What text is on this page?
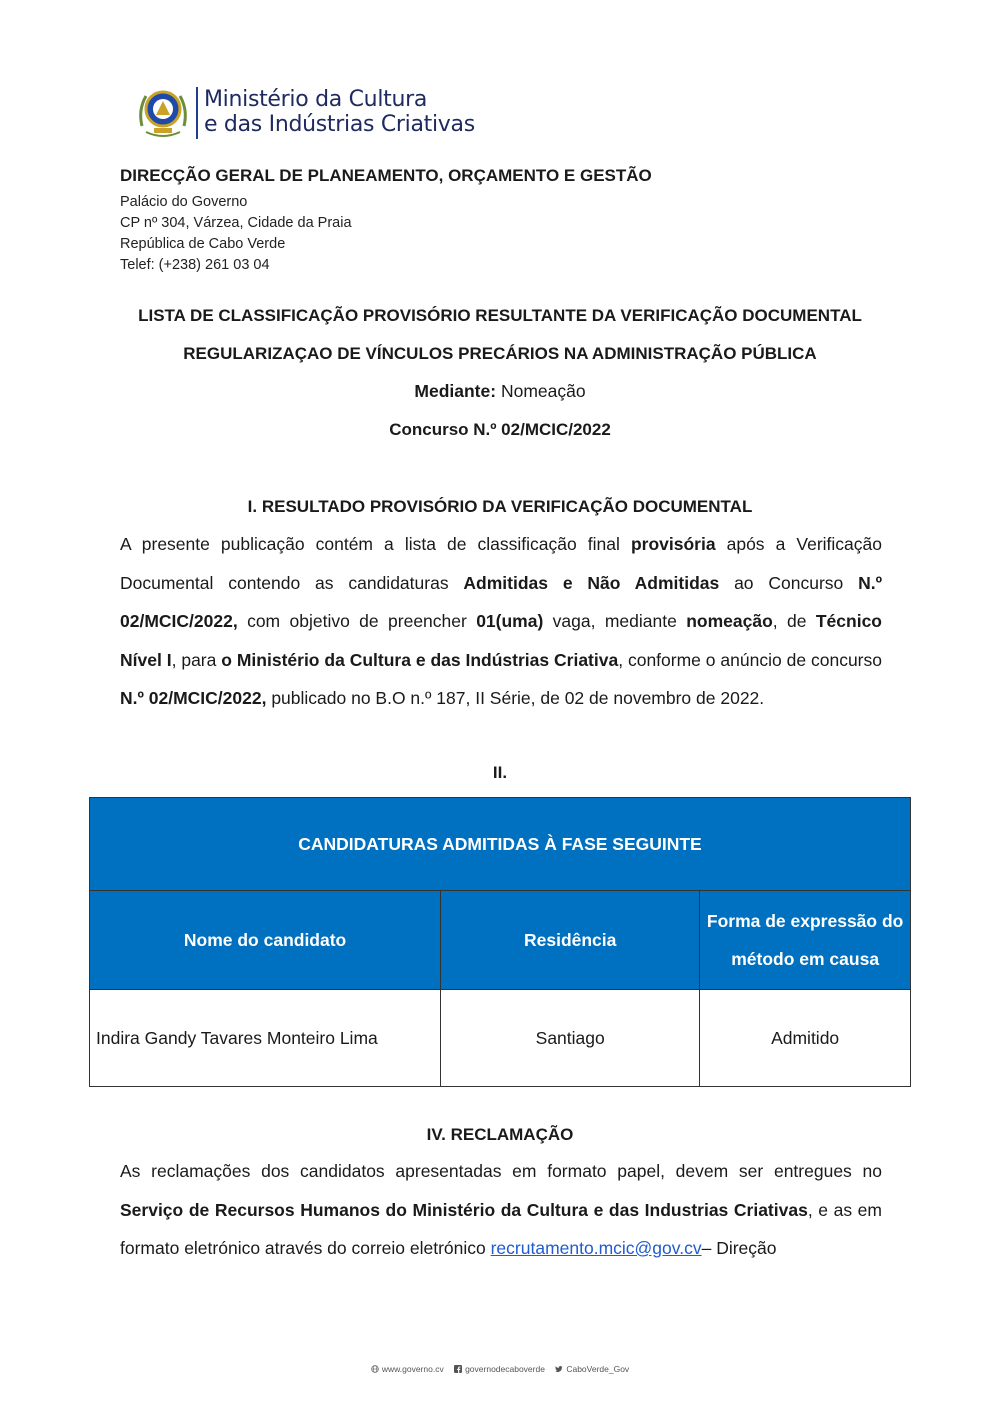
Ministério da Cultura
e das Indústrias Criativas
DIRECÇÃO GERAL DE PLANEAMENTO, ORÇAMENTO E GESTÃO
Palácio do Governo
CP nº 304, Várzea, Cidade da Praia
República de Cabo Verde
Telef: (+238) 261 03 04
LISTA DE CLASSIFICAÇÃO PROVISÓRIO RESULTANTE DA VERIFICAÇÃO DOCUMENTAL
REGULARIZAÇAO DE VÍNCULOS PRECÁRIOS NA ADMINISTRAÇÃO PÚBLICA
Mediante: Nomeação
Concurso N.º 02/MCIC/2022
I. RESULTADO PROVISÓRIO DA VERIFICAÇÃO DOCUMENTAL
A presente publicação contém a lista de classificação final provisória após a Verificação Documental contendo as candidaturas Admitidas e Não Admitidas ao Concurso N.º 02/MCIC/2022, com objetivo de preencher 01(uma) vaga, mediante nomeação, de Técnico Nível I, para o Ministério da Cultura e das Indústrias Criativa, conforme o anúncio de concurso N.º 02/MCIC/2022, publicado no B.O n.º 187, II Série, de 02 de novembro de 2022.
II.
CANDIDATURAS ADMITIDAS À FASE SEGUINTE		
Nome do candidato	Residência	Forma de expressão do método em causa
Indira Gandy Tavares Monteiro Lima	Santiago	Admitido
IV. RECLAMAÇÃO
As reclamações dos candidatos apresentadas em formato papel, devem ser entregues no Serviço de Recursos Humanos do Ministério da Cultura e das Industrias Criativas, e as em formato eletrónico através do correio eletrónico recrutamento.mcic@gov.cv– Direção
www.governo.cv	governodecaboverde	CaboVerde_Gov
